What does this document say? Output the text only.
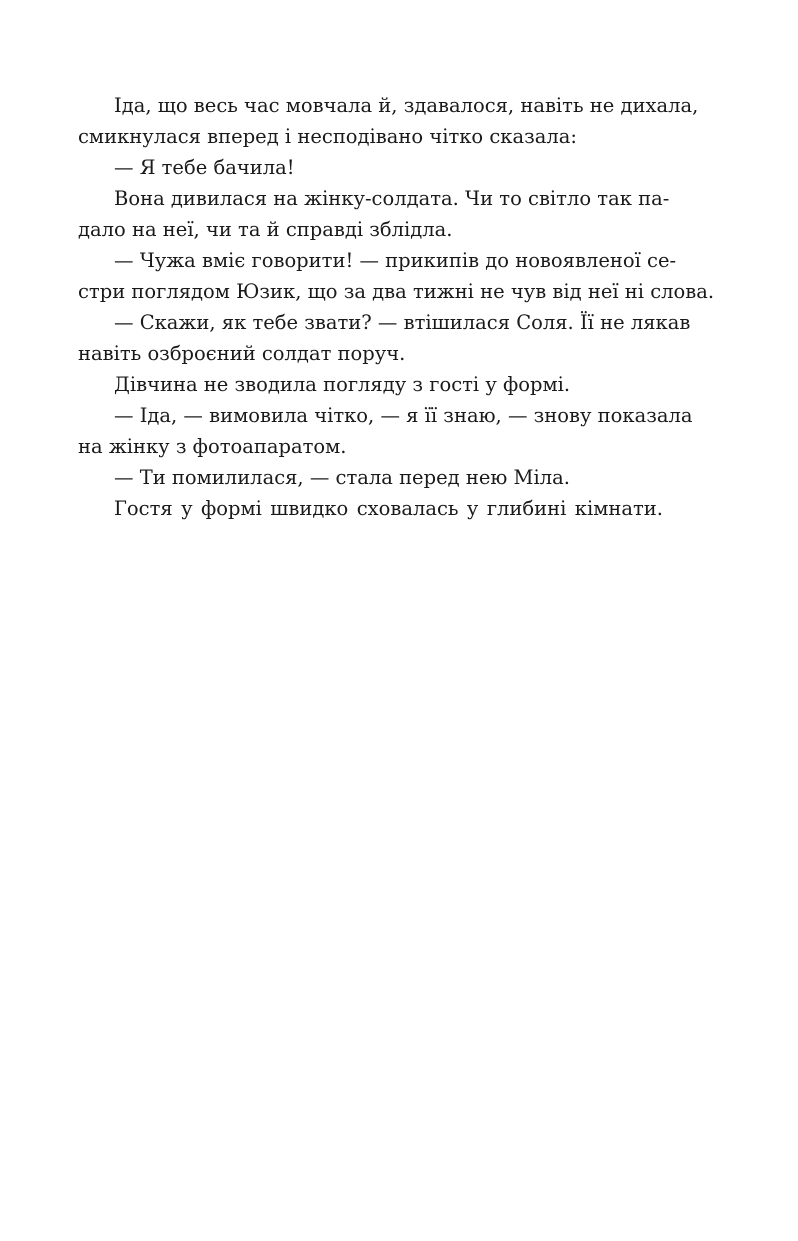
Іда, що весь час мовчала й, здавалося, навіть не дихала,
смикнулася вперед і несподівано чітко сказала:
— Я тебе бачила!
Вона дивилася на жінку-солдата. Чи то світло так па-
дало на неї, чи та й справді зблідла.
— Чужа вміє говорити! — прикипів до новоявленої се-
стри поглядом Юзик, що за два тижні не чув від неї ні слова.
— Скажи, як тебе звати? — втішилася Соля. Її не лякав
навіть озброєний солдат поруч.
Дівчина не зводила погляду з гості у формі.
— Іда, — вимовила чітко, — я її знаю, — знову показала
на жінку з фотоапаратом.
— Ти помилилася, — стала перед нею Міла.
Гостя у формі швидко сховалась у глибині кімнати.
